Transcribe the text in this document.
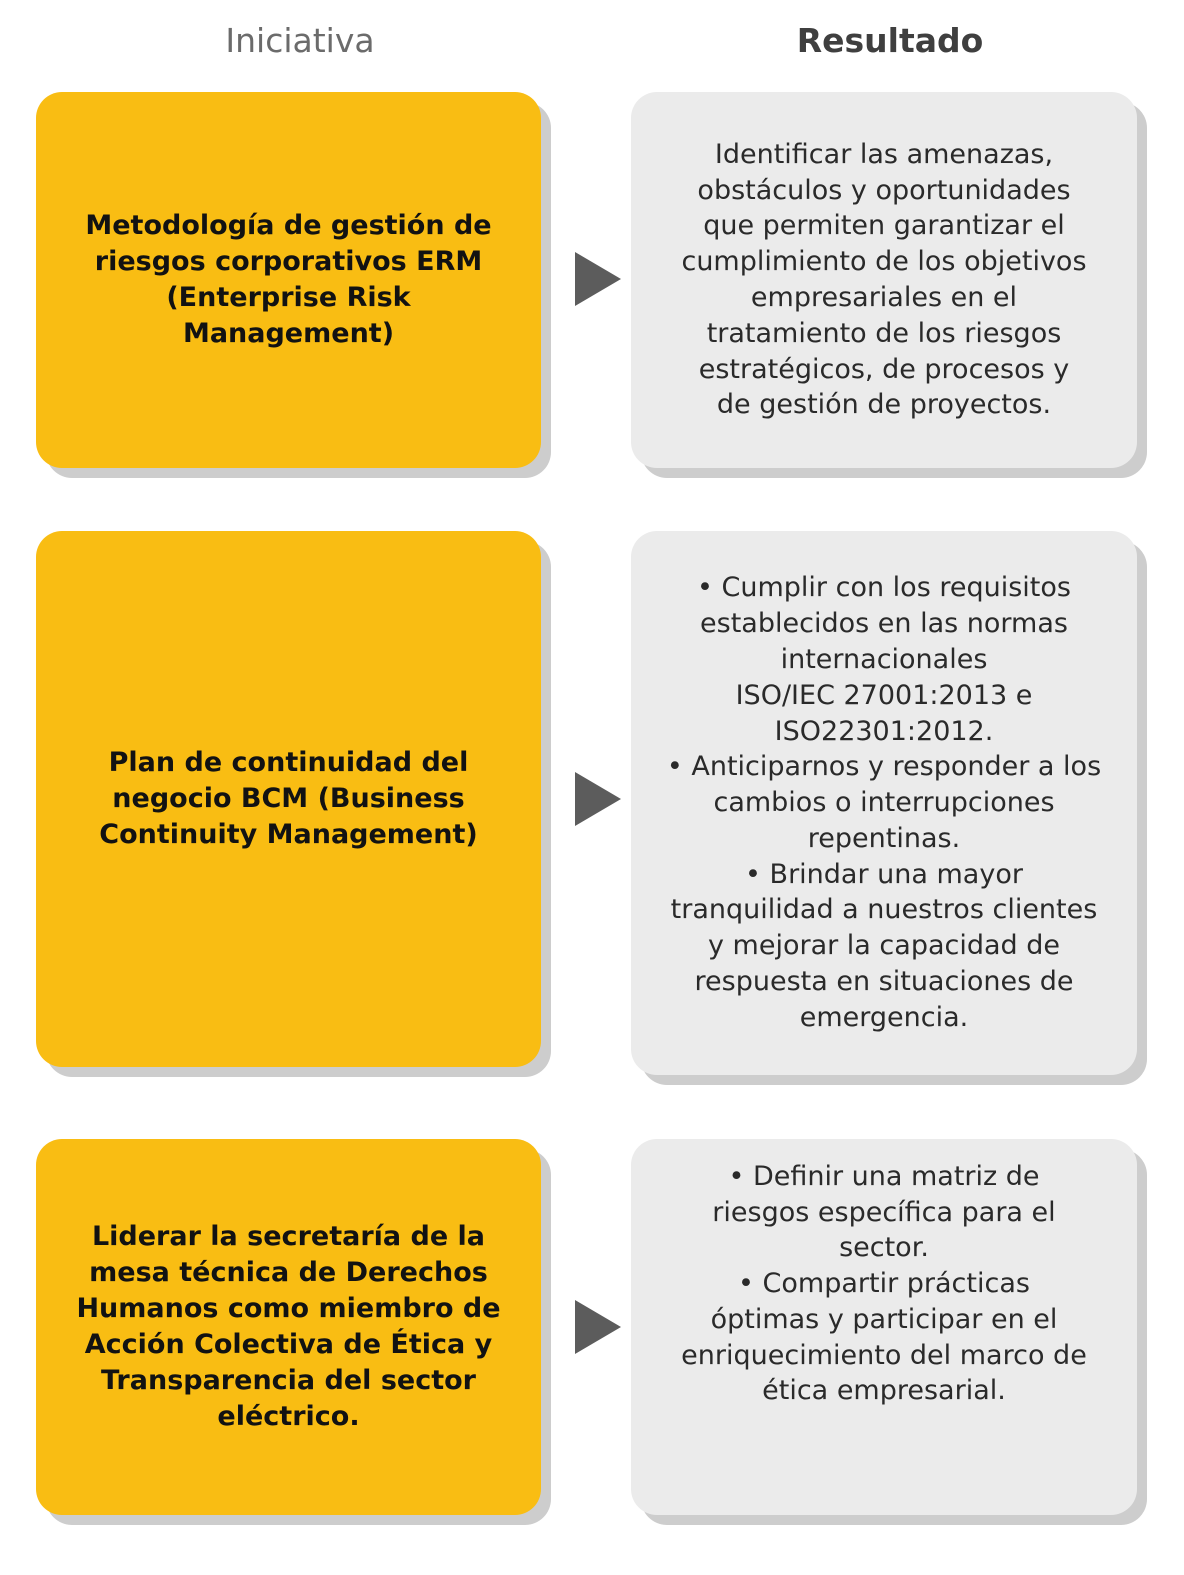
Iniciativa	Resultado
Metodología de gestión de
riesgos corporativos ERM
(Enterprise Risk
Management)
Identificar las amenazas,
obstáculos y oportunidades
que permiten garantizar el
cumplimiento de los objetivos
empresariales en el
tratamiento de los riesgos
estratégicos, de procesos y
de gestión de proyectos.
Plan de continuidad del
negocio BCM (Business
Continuity Management)
• Cumplir con los requisitos
establecidos en las normas
internacionales
ISO/IEC 27001:2013 e
ISO22301:2012.
• Anticiparnos y responder a los
cambios o interrupciones
repentinas.
• Brindar una mayor
tranquilidad a nuestros clientes
y mejorar la capacidad de
respuesta en situaciones de
emergencia.
Liderar la secretaría de la
mesa técnica de Derechos
Humanos como miembro de
Acción Colectiva de Ética y
Transparencia del sector
eléctrico.
• Definir una matriz de
riesgos específica para el
sector.
• Compartir prácticas
óptimas y participar en el
enriquecimiento del marco de
ética empresarial.
